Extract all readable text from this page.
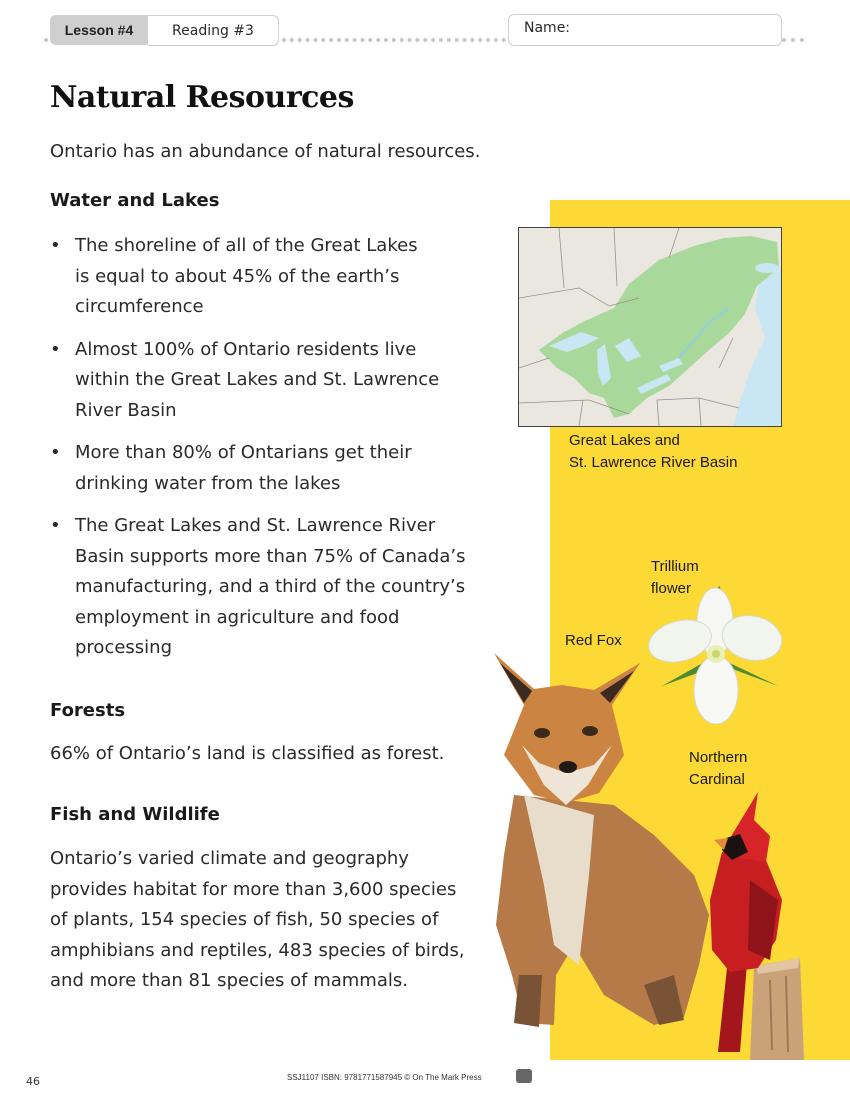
Lesson #4	Reading #3	Name:
Natural Resources
Ontario has an abundance of natural resources.
Water and Lakes
• The shoreline of all of the Great Lakes
is equal to about 45% of the earth’s
circumference
• Almost 100% of Ontario residents live
within the Great Lakes and St. Lawrence
River Basin
• More than 80% of Ontarians get their
drinking water from the lakes
• The Great Lakes and St. Lawrence River
Basin supports more than 75% of Canada’s
manufacturing, and a third of the country’s
employment in agriculture and food
processing
Forests
66% of Ontario’s land is classified as forest.
Fish and Wildlife
Ontario’s varied climate and geography
provides habitat for more than 3,600 species
of plants, 154 species of fish, 50 species of
amphibians and reptiles, 483 species of birds,
and more than 81 species of mammals.
Great Lakes and
St. Lawrence River Basin
Trillium
flower
Red Fox
Northern
Cardinal
46	SSJ1107 ISBN: 9781771587945 © On The Mark Press
